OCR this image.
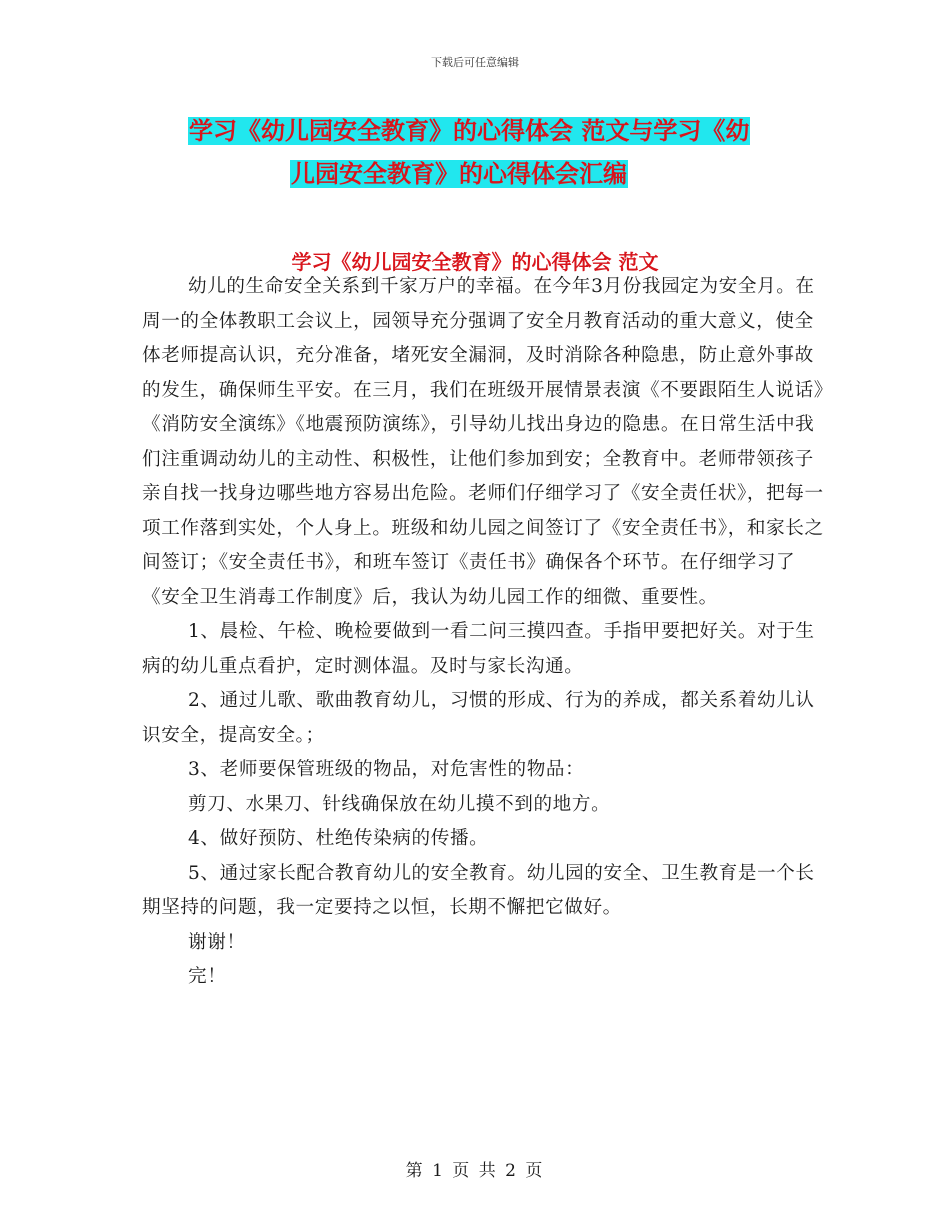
下载后可任意编辑
学习《幼儿园安全教育》的心得体会 范文与学习《幼
儿园安全教育》的心得体会汇编
学习《幼儿园安全教育》的心得体会 范文

幼儿的生命安全关系到千家万户的幸福。在今年3月份我园定为安全月。在周一的全体教职工会议上，园领导充分强调了安全月教育活动的重大意义，使全体老师提高认识，充分准备，堵死安全漏洞，及时消除各种隐患，防止意外事故的发生，确保师生平安。在三月，我们在班级开展情景表演《不要跟陌生人说话》《消防安全演练》《地震预防演练》，引导幼儿找出身边的隐患。在日常生活中我们注重调动幼儿的主动性、积极性，让他们参加到安；全教育中。老师带领孩子亲自找一找身边哪些地方容易出危险。老师们仔细学习了《安全责任状》，把每一项工作落到实处，个人身上。班级和幼儿园之间签订了《安全责任书》，和家长之间签订；《安全责任书》，和班车签订《责任书》确保各个环节。在仔细学习了《安全卫生消毒工作制度》后，我认为幼儿园工作的细微、重要性。

1、晨检、午检、晚检要做到一看二问三摸四查。手指甲要把好关。对于生病的幼儿重点看护，定时测体温。及时与家长沟通。

2、通过儿歌、歌曲教育幼儿，习惯的形成、行为的养成，都关系着幼儿认识安全，提高安全。；

3、老师要保管班级的物品，对危害性的物品：

剪刀、水果刀、针线确保放在幼儿摸不到的地方。

4、做好预防、杜绝传染病的传播。

5、通过家长配合教育幼儿的安全教育。幼儿园的安全、卫生教育是一个长期坚持的问题，我一定要持之以恒，长期不懈把它做好。

谢谢！

完！

第 1 页 共 2 页
